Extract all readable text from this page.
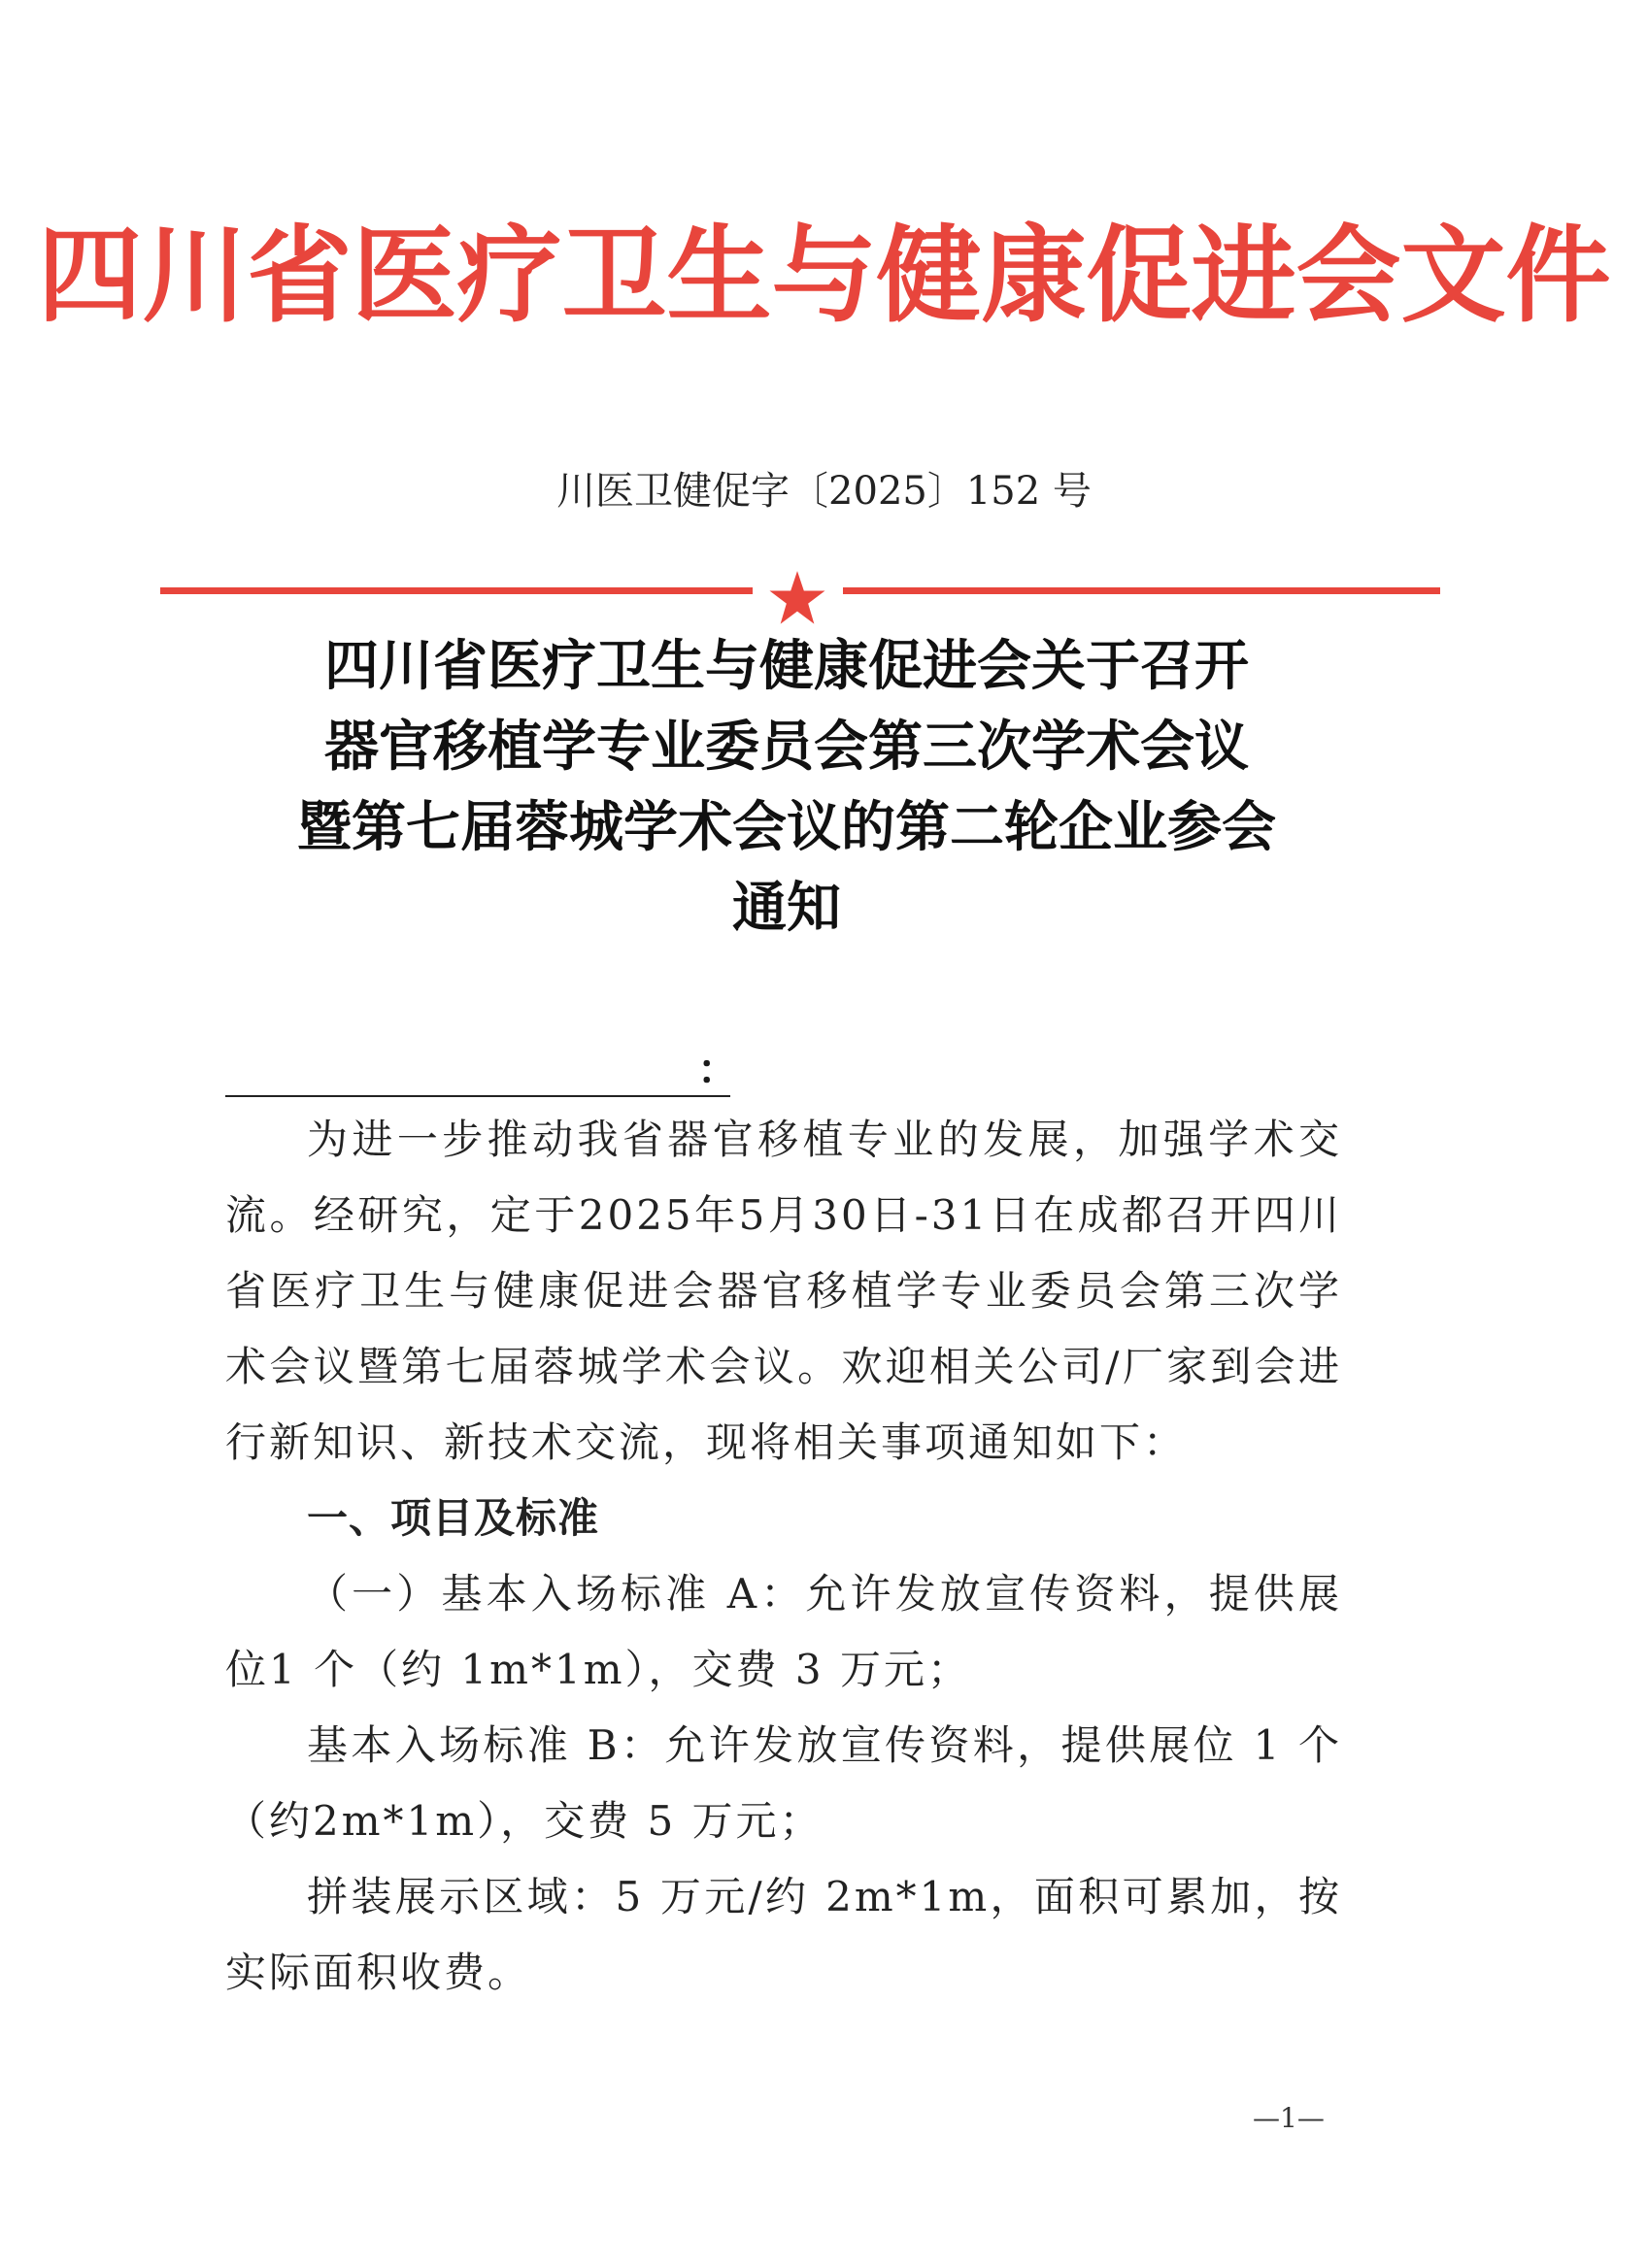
四川省医疗卫生与健康促进会文件
川医卫健促字〔2025〕152 号
四川省医疗卫生与健康促进会关于召开
器官移植学专业委员会第三次学术会议
暨第七届蓉城学术会议的第二轮企业参会
通知
：

为进一步推动我省器官移植专业的发展，加强学术交流。经研究，定于2025年5月30日-31日在成都召开四川省医疗卫生与健康促进会器官移植学专业委员会第三次学术会议暨第七届蓉城学术会议。欢迎相关公司/厂家到会进行新知识、新技术交流，现将相关事项通知如下：

一、项目及标准

（一）基本入场标准 A：允许发放宣传资料，提供展位1 个（约 1m*1m），交费 3 万元；

基本入场标准 B：允许发放宣传资料，提供展位 1 个（约2m*1m），交费 5 万元；

拼装展示区域：5 万元/约 2m*1m，面积可累加，按实际面积收费。

—1—
